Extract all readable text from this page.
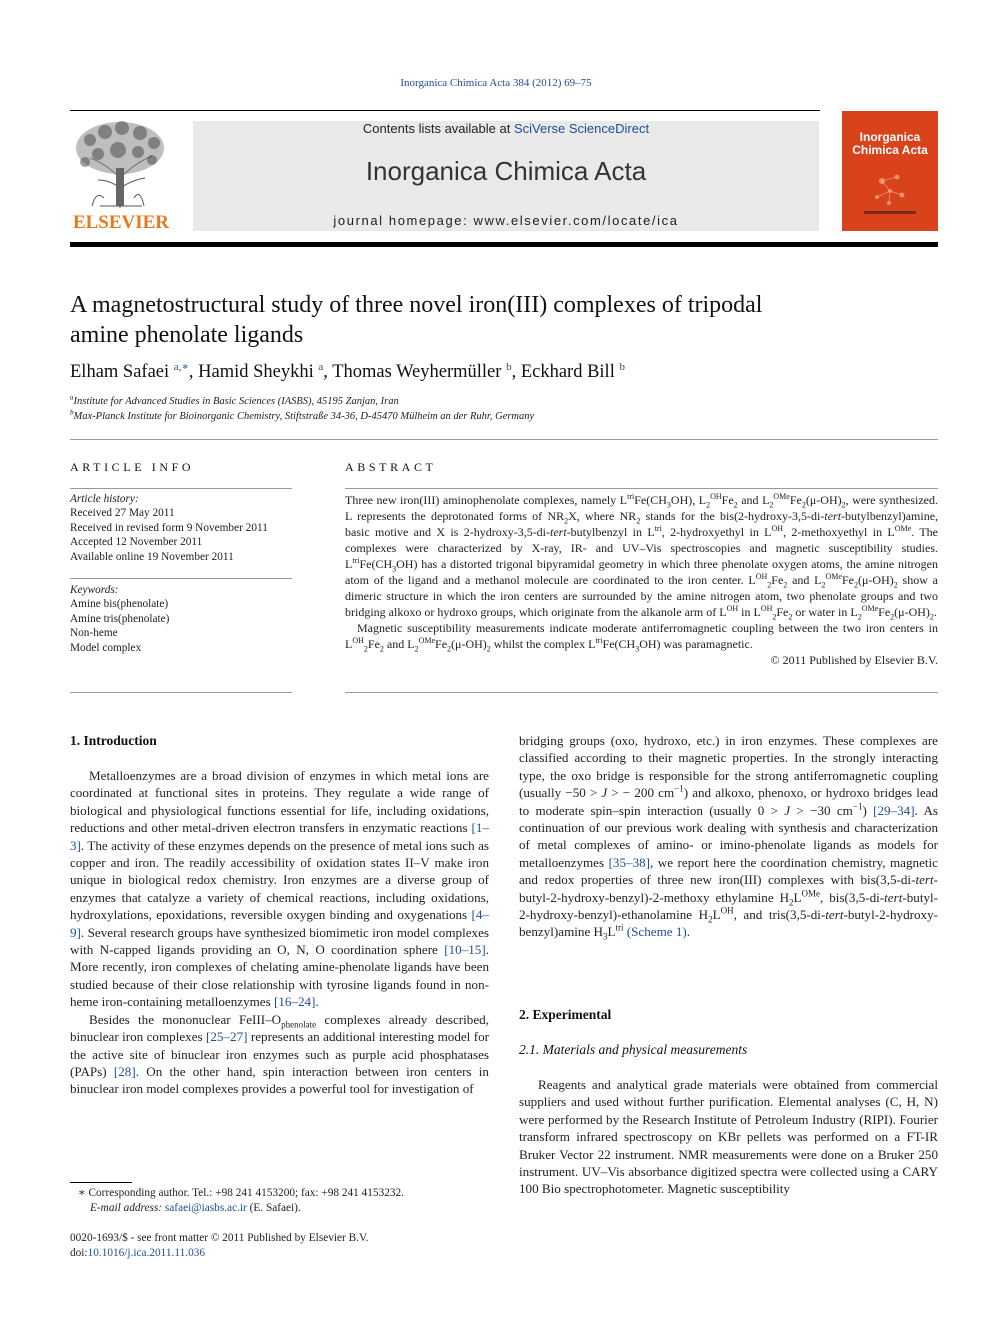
Inorganica Chimica Acta 384 (2012) 69–75
ELSEVIER
Contents lists available at SciVerse ScienceDirect
Inorganica Chimica Acta
journal homepage: www.elsevier.com/locate/ica
Inorganica
Chimica Acta
A magnetostructural study of three novel iron(III) complexes of tripodal
amine phenolate ligands
Elham Safaei $^{a,∗}$, Hamid Sheykhi $^a$, Thomas Weyhermüller $^b$, Eckhard Bill $^b$
$^a$Institute for Advanced Studies in Basic Sciences (IASBS), 45195 Zanjan, Iran
$^b$Max-Planck Institute for Bioinorganic Chemistry, Stiftstraße 34-36, D-45470 Mülheim an der Ruhr, Germany
ARTICLE INFO
Article history:
Received 27 May 2011
Received in revised form 9 November 2011
Accepted 12 November 2011
Available online 19 November 2011
Keywords:
Amine bis(phenolate)
Amine tris(phenolate)
Non-heme
Model complex
ABSTRACT

Three new iron(III) aminophenolate complexes, namely $L^{tri}Fe(CH_3OH)$, $L_2^{OH}Fe_2$ and $L_2^{OMe}Fe_2(\mu-OH)_2$, were synthesized. L represents the deprotonated forms of $NR_2X$, where $NR_2$ stands for the bis(2-hydroxy-3,5-di-tert-butylbenzyl)amine, basic motive and X is 2-hydroxy-3,5-di-tert-butylbenzyl in $L^{tri}$, 2-hydroxyethyl in $L^{OH}$, 2-methoxyethyl in $L^{OMe}$. The complexes were characterized by X-ray, IR- and UV–Vis spectroscopies and magnetic susceptibility studies. $L^{tri}Fe(CH_3OH)$ has a distorted trigonal bipyramidal geometry in which three phenolate oxygen atoms, the amine nitrogen atom of the ligand and a methanol molecule are coordinated to the iron center. $L^{OH}_2Fe_2$ and $L_2^{OMe}Fe_2(\mu-OH)_2$ show a dimeric structure in which the iron centers are surrounded by the amine nitrogen atom, two phenolate groups and two bridging alkoxo or hydroxo groups, which originate from the alkanole arm of $L^{OH}$ in $L^{OH}_2Fe_2$ or water in $L_2^{OMe}Fe_2(\mu-OH)_2$.

Magnetic susceptibility measurements indicate moderate antiferromagnetic coupling between the two iron centers in $L^{OH}_2Fe_2$ and $L_2^{OMe}Fe_2(\mu-OH)_2$ whilst the complex $L^{tri}Fe(CH_3OH)$ was paramagnetic.

© 2011 Published by Elsevier B.V.

1. Introduction

Metalloenzymes are a broad division of enzymes in which metal ions are coordinated at functional sites in proteins. They regulate a wide range of biological and physiological functions essential for life, including oxidations, reductions and other metal-driven electron transfers in enzymatic reactions [1–3]. The activity of these enzymes depends on the presence of metal ions such as copper and iron. The readily accessibility of oxidation states II–V make iron unique in biological redox chemistry. Iron enzymes are a diverse group of enzymes that catalyze a variety of chemical reactions, including oxidations, hydroxylations, epoxidations, reversible oxygen binding and oxygenations [4–9]. Several research groups have synthesized biomimetic iron model complexes with N-capped ligands providing an O, N, O coordination sphere [10–15]. More recently, iron complexes of chelating amine-phenolate ligands have been studied because of their close relationship with tyrosine ligands found in non-heme iron-containing metalloenzymes [16–24].

Besides the mononuclear FeIII–$O_{phenolate}$ complexes already described, binuclear iron complexes [25–27] represents an additional interesting model for the active site of binuclear iron enzymes such as purple acid phosphatases (PAPs) [28]. On the other hand, spin interaction between iron centers in binuclear iron model complexes provides a powerful tool for investigation of

∗ Corresponding author. Tel.: +98 241 4153200; fax: +98 241 4153232.
E-mail address: safaei@iasbs.ac.ir (E. Safaei).
0020-1693/$ - see front matter © 2011 Published by Elsevier B.V.
doi:10.1016/j.ica.2011.11.036

bridging groups (oxo, hydroxo, etc.) in iron enzymes. These complexes are classified according to their magnetic properties. In the strongly interacting type, the oxo bridge is responsible for the strong antiferromagnetic coupling (usually −50 > J > − 200 $cm^{-1}$) and alkoxo, phenoxo, or hydroxo bridges lead to moderate spin–spin interaction (usually 0 > J > −30 $cm^{-1}$) [29–34]. As continuation of our previous work dealing with synthesis and characterization of metal complexes of amino- or imino-phenolate ligands as models for metalloenzymes [35–38], we report here the coordination chemistry, magnetic and redox properties of three new iron(III) complexes with bis(3,5-di-tert-butyl-2-hydroxy-benzyl)-2-methoxy ethylamine $H_2L^{OMe}$, bis(3,5-di-tert-butyl-2-hydroxy-benzyl)-ethanolamine $H_2L^{OH}$, and tris(3,5-di-tert-butyl-2-hydroxy-benzyl)amine $H_3L^{tri}$ (Scheme 1).

2. Experimental
2.1. Materials and physical measurements

Reagents and analytical grade materials were obtained from commercial suppliers and used without further purification. Elemental analyses (C, H, N) were performed by the Research Institute of Petroleum Industry (RIPI). Fourier transform infrared spectroscopy on KBr pellets was performed on a FT-IR Bruker Vector 22 instrument. NMR measurements were done on a Bruker 250 instrument. UV–Vis absorbance digitized spectra were collected using a CARY 100 Bio spectrophotometer. Magnetic susceptibility
